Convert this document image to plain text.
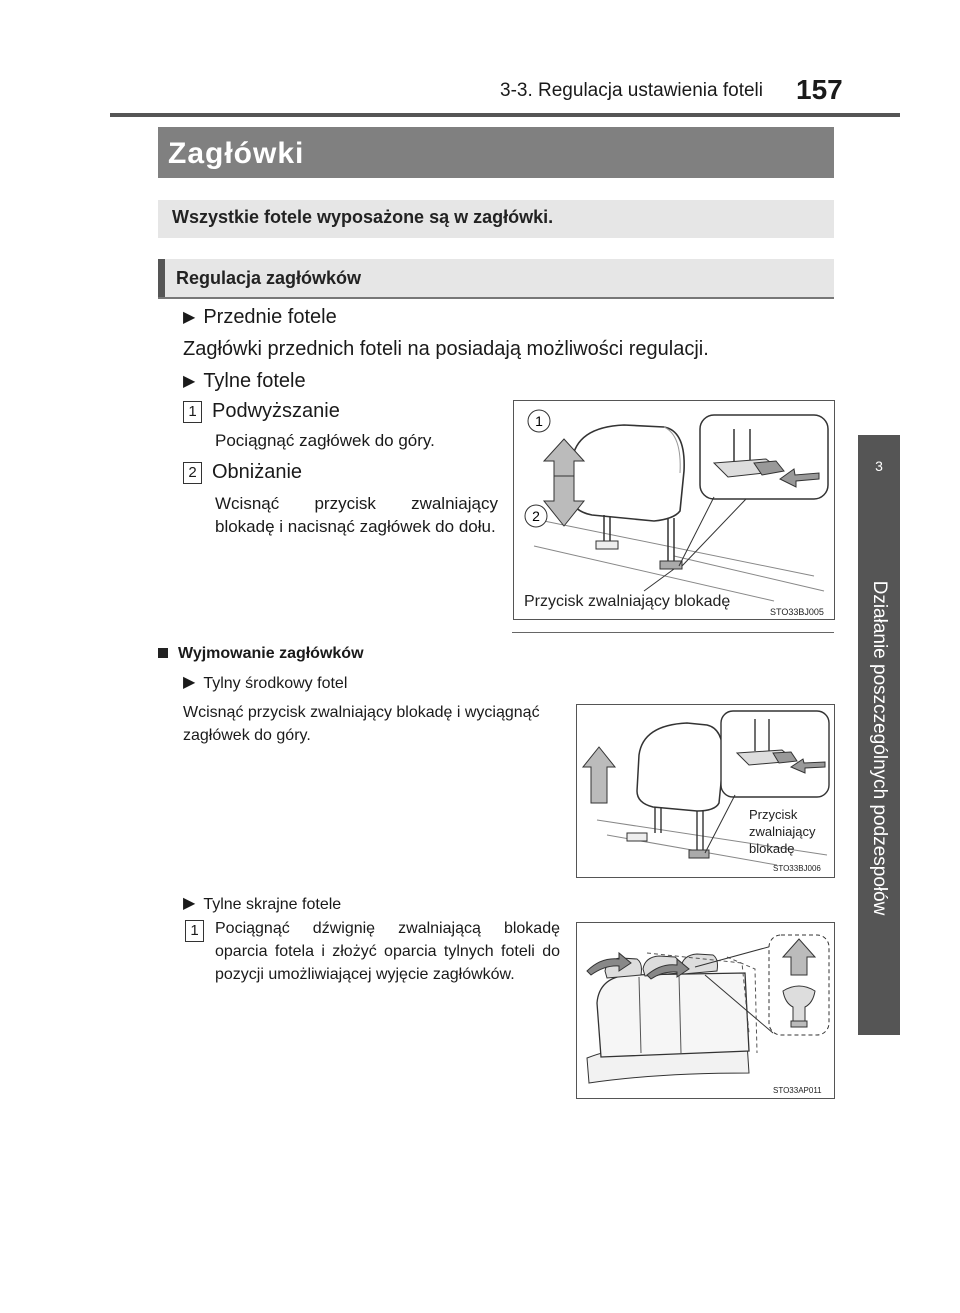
3-3. Regulacja ustawienia foteli 157
3
Działanie poszczególnych podzespołów
Zagłówki
Wszystkie fotele wyposażone są w zagłówki.
Regulacja zagłówków
▶ Przednie fotele
Zagłówki przednich foteli na posiadają możliwości regulacji.
▶ Tylne fotele
1 Podwyższanie
Pociągnąć zagłówek do góry.
2 Obniżanie
Wcisnąć przycisk zwalniający blokadę i nacisnąć zagłówek do dołu.
1
2
Przycisk zwalniający blokadę
STO33BJ005
Wyjmowanie zagłówków
▶ Tylny środkowy fotel
Wcisnąć przycisk zwalniający blokadę i wyciągnąć zagłówek do góry.
Przycisk
zwalniający
blokadę
STO33BJ006
▶ Tylne skrajne fotele
1	Pociągnąć dźwignię zwalniającą blokadę oparcia fotela i złożyć oparcia tylnych foteli do pozycji umożliwiającej wyjęcie zagłówków.
STO33AP011
